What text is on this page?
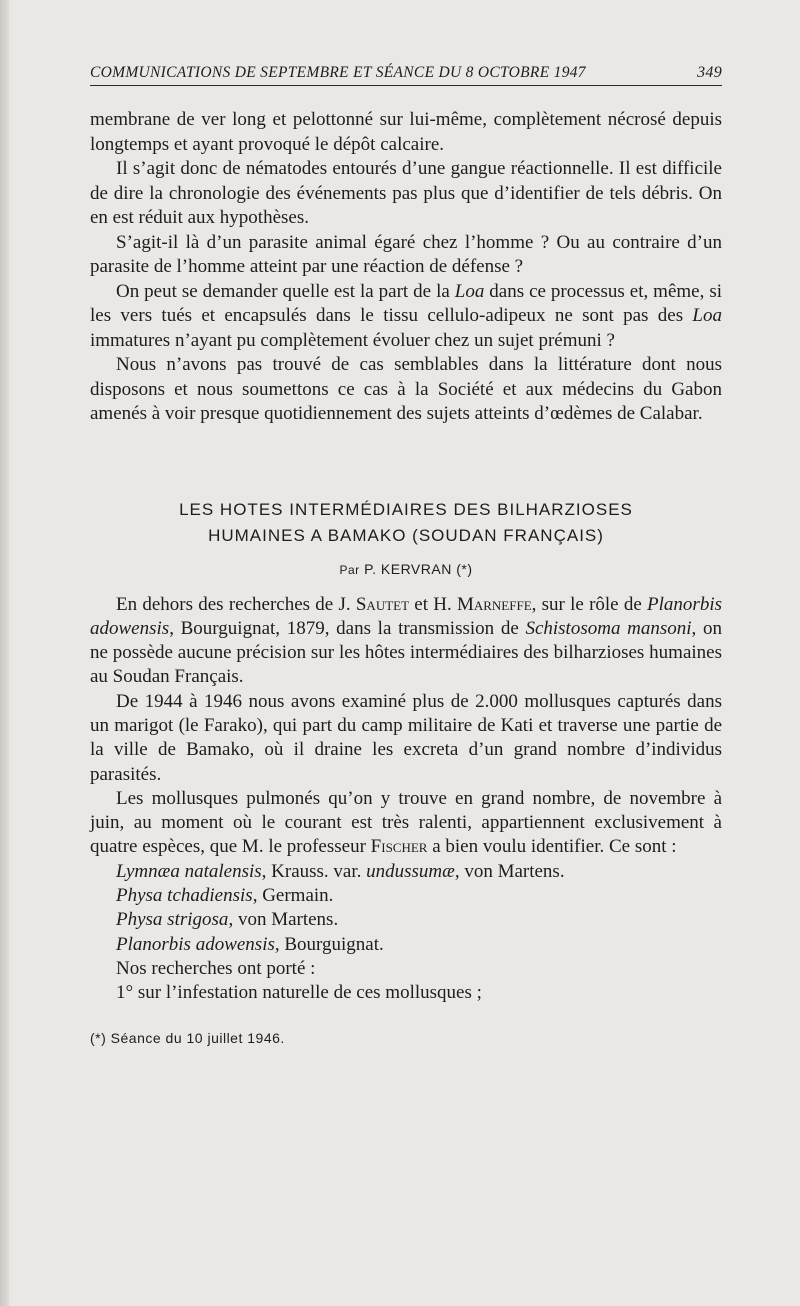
COMMUNICATIONS DE SEPTEMBRE ET SÉANCE DU 8 OCTOBRE 1947	349

membrane de ver long et pelottonné sur lui-même, complètement nécrosé depuis longtemps et ayant provoqué le dépôt calcaire.

Il s’agit donc de nématodes entourés d’une gangue réactionnelle. Il est difficile de dire la chronologie des événements pas plus que d’identifier de tels débris. On en est réduit aux hypothèses.

S’agit-il là d’un parasite animal égaré chez l’homme ? Ou au contraire d’un parasite de l’homme atteint par une réaction de défense ?

On peut se demander quelle est la part de la Loa dans ce processus et, même, si les vers tués et encapsulés dans le tissu cellulo-adipeux ne sont pas des Loa immatures n’ayant pu complètement évoluer chez un sujet prémuni ?

Nous n’avons pas trouvé de cas semblables dans la littérature dont nous disposons et nous soumettons ce cas à la Société et aux médecins du Gabon amenés à voir presque quotidiennement des sujets atteints d’œdèmes de Calabar.

LES HOTES INTERMÉDIAIRES DES BILHARZIOSES
HUMAINES A BAMAKO (SOUDAN FRANÇAIS)
Par P. KERVRAN (*)

En dehors des recherches de J. Sautet et H. Marneffe, sur le rôle de Planorbis adowensis, Bourguignat, 1879, dans la transmission de Schistosoma mansoni, on ne possède aucune précision sur les hôtes intermédiaires des bilharzioses humaines au Soudan Français.

De 1944 à 1946 nous avons examiné plus de 2.000 mollusques capturés dans un marigot (le Farako), qui part du camp militaire de Kati et traverse une partie de la ville de Bamako, où il draine les excreta d’un grand nombre d’individus parasités.

Les mollusques pulmonés qu’on y trouve en grand nombre, de novembre à juin, au moment où le courant est très ralenti, appartiennent exclusivement à quatre espèces, que M. le professeur Fischer a bien voulu identifier. Ce sont :

Lymnæa natalensis, Krauss. var. undussumæ, von Martens.

Physa tchadiensis, Germain.

Physa strigosa, von Martens.

Planorbis adowensis, Bourguignat.

Nos recherches ont porté :

1° sur l’infestation naturelle de ces mollusques ;

(*) Séance du 10 juillet 1946.
